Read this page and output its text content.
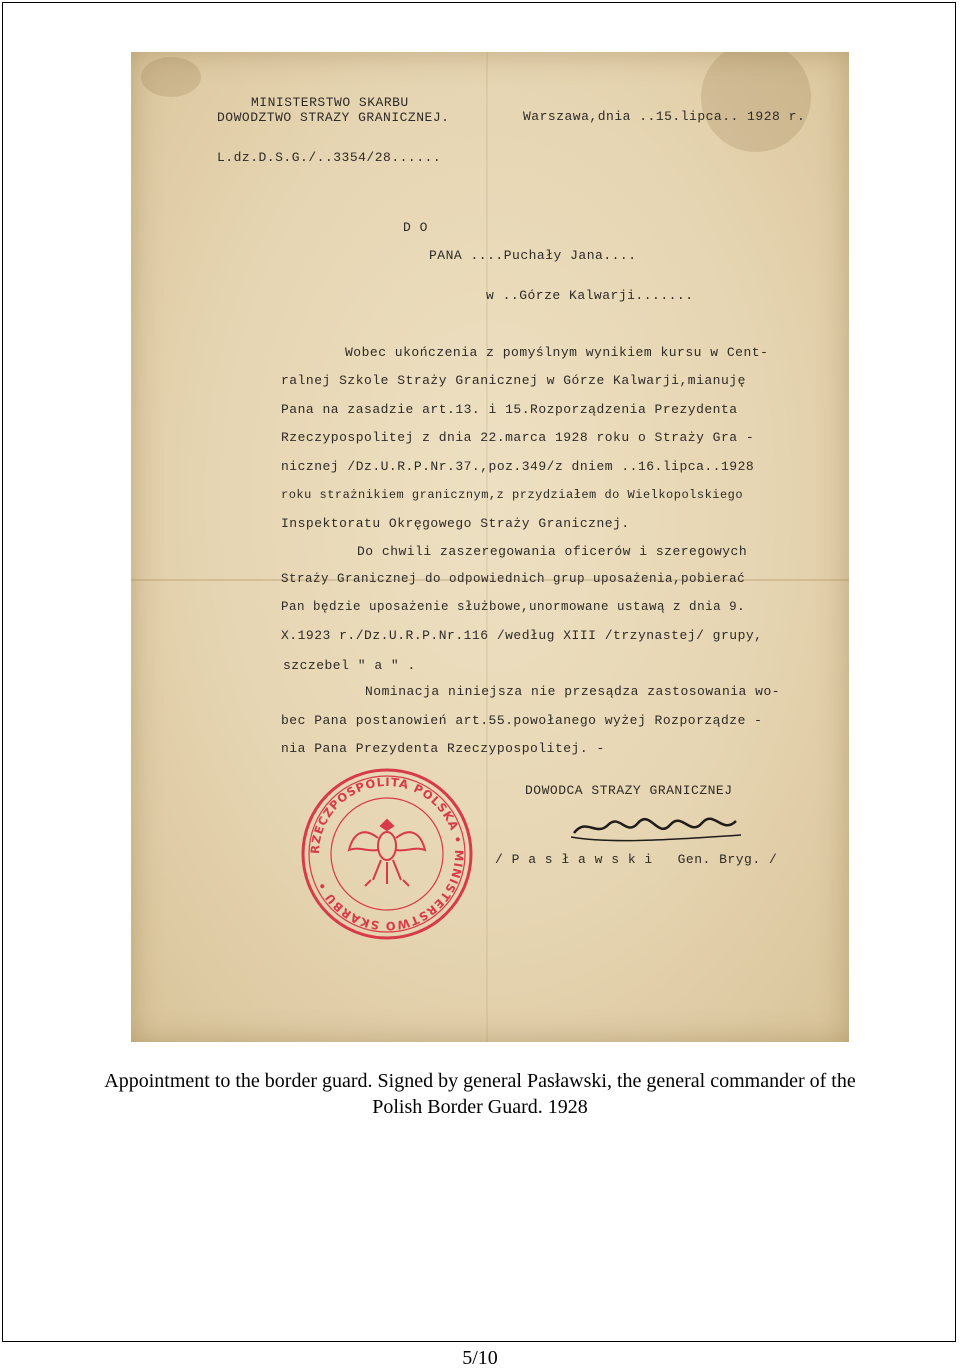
MINISTERSTWO SKARBU
DOWODZTWO STRAZY GRANICZNEJ.	Warszawa,dnia ..15.lipca.. 1928 r.
L.dz.D.S.G./..3354/28......
D O
PANA ....Puchały Jana....
w ..Górze Kalwarji.......
Wobec ukończenia z pomyślnym wynikiem kursu w Cent-
ralnej Szkole Straży Granicznej w Górze Kalwarji,mianuję
Pana na zasadzie art.13. i 15.Rozporządzenia Prezydenta
Rzeczypospolitej z dnia 22.marca 1928 roku o Straży Gra -
nicznej /Dz.U.R.P.Nr.37.,poz.349/z dniem ..16.lipca..1928
roku strażnikiem granicznym,z przydziałem do Wielkopolskiego
Inspektoratu Okręgowego Straży Granicznej.
Do chwili zaszeregowania oficerów i szeregowych
Straży Granicznej do odpowiednich grup uposażenia,pobierać
Pan będzie uposażenie służbowe,unormowane ustawą z dnia 9.
X.1923 r./Dz.U.R.P.Nr.116 /według XIII /trzynastej/ grupy,
szczebel " a " .
Nominacja niniejsza nie przesądza zastosowania wo-
bec Pana postanowień art.55.powołanego wyżej Rozporządze -
nia Pana Prezydenta Rzeczypospolitej. -
DOWODCA STRAZY GRANICZNEJ
/ P a s ł a w s k i   Gen. Bryg. /
RZECZPOSPOLITA POLSKA • MINISTERSTWO SKARBU •
Appointment to the border guard. Signed by general Pasławski, the general commander of the
Polish Border Guard. 1928
5/10
